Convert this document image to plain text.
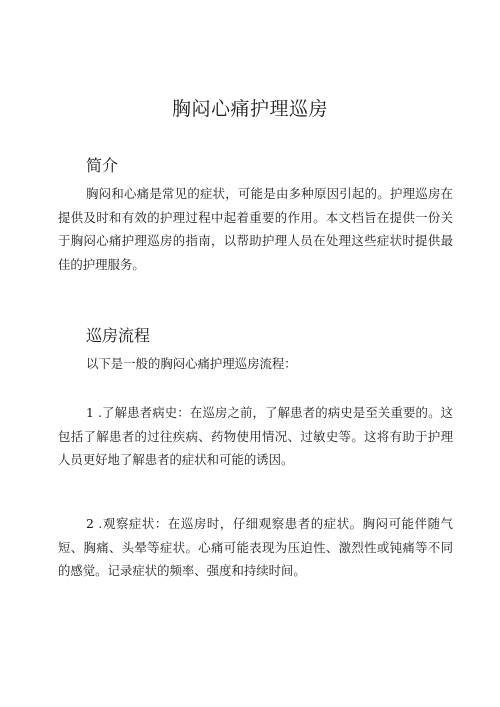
胸闷心痛护理巡房
简介

胸闷和心痛是常见的症状，可能是由多种原因引起的。护理巡房在提供及时和有效的护理过程中起着重要的作用。本文档旨在提供一份关于胸闷心痛护理巡房的指南，以帮助护理人员在处理这些症状时提供最佳的护理服务。

巡房流程

以下是一般的胸闷心痛护理巡房流程：

1 .了解患者病史：在巡房之前，了解患者的病史是至关重要的。这包括了解患者的过往疾病、药物使用情况、过敏史等。这将有助于护理人员更好地了解患者的症状和可能的诱因。

2 .观察症状：在巡房时，仔细观察患者的症状。胸闷可能伴随气短、胸痛、头晕等症状。心痛可能表现为压迫性、激烈性或钝痛等不同的感觉。记录症状的频率、强度和持续时间。
